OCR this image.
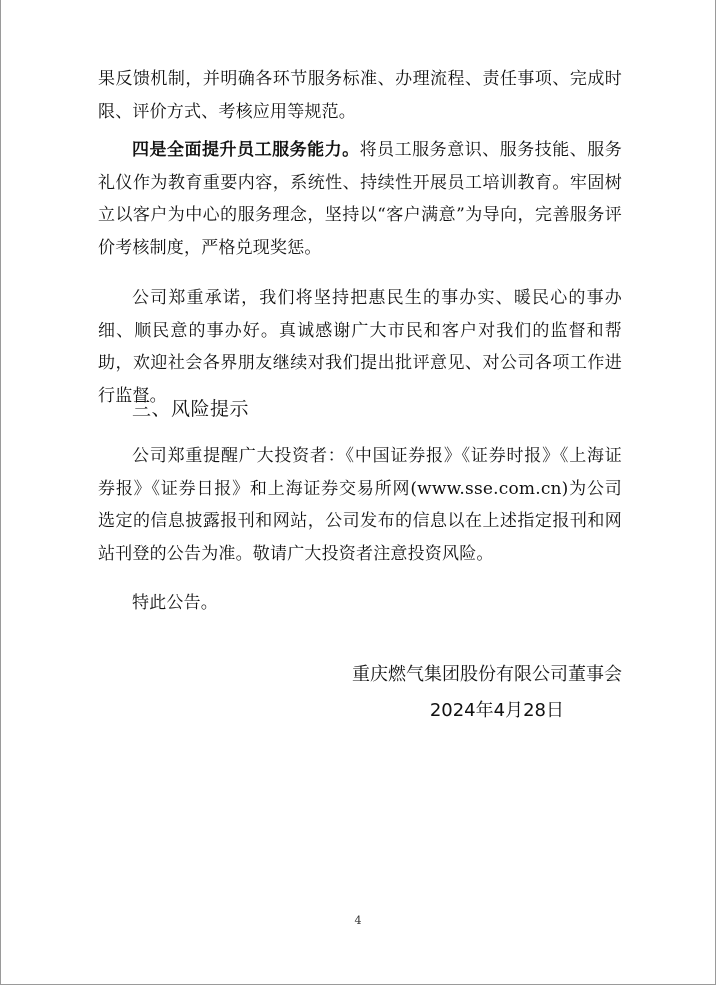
果反馈机制，并明确各环节服务标准、办理流程、责任事项、完成时限、评价方式、考核应用等规范。

四是全面提升员工服务能力。将员工服务意识、服务技能、服务礼仪作为教育重要内容，系统性、持续性开展员工培训教育。牢固树立以客户为中心的服务理念，坚持以“客户满意”为导向，完善服务评价考核制度，严格兑现奖惩。

公司郑重承诺，我们将坚持把惠民生的事办实、暖民心的事办细、顺民意的事办好。真诚感谢广大市民和客户对我们的监督和帮助，欢迎社会各界朋友继续对我们提出批评意见、对公司各项工作进行监督。

三、风险提示

公司郑重提醒广大投资者：《中国证券报》《证券时报》《上海证券报》《证券日报》和上海证券交易所网(www.sse.com.cn)为公司选定的信息披露报刊和网站，公司发布的信息以在上述指定报刊和网站刊登的公告为准。敬请广大投资者注意投资风险。

特此公告。

重庆燃气集团股份有限公司董事会
2024年4月28日
4
